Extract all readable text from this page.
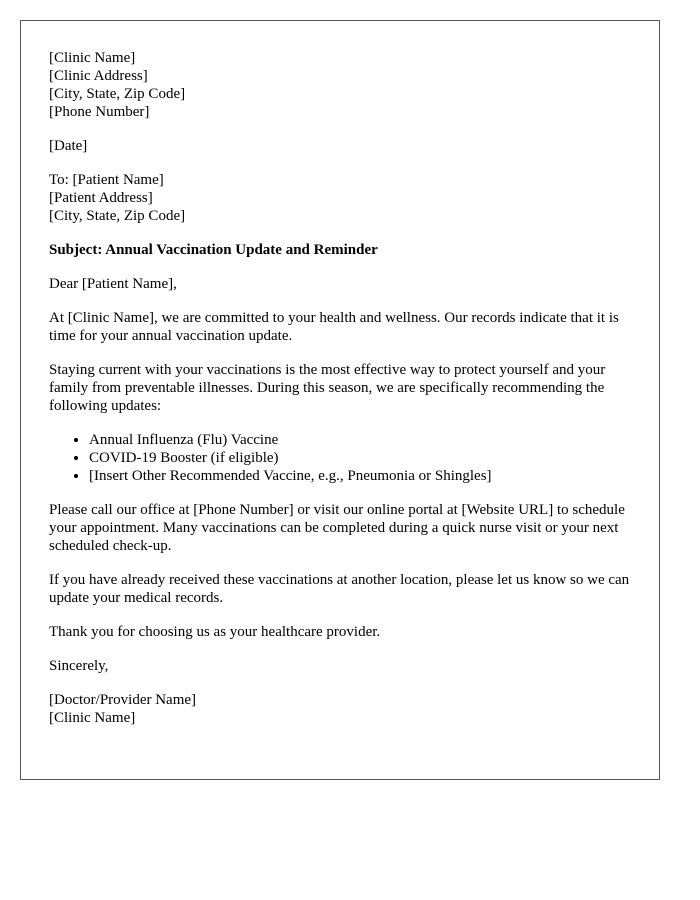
[Clinic Name]
[Clinic Address]
[City, State, Zip Code]
[Phone Number]

[Date]

To: [Patient Name]
[Patient Address]
[City, State, Zip Code]

Subject: Annual Vaccination Update and Reminder

Dear [Patient Name],

At [Clinic Name], we are committed to your health and wellness. Our records indicate that it is time for your annual vaccination update.

Staying current with your vaccinations is the most effective way to protect yourself and your family from preventable illnesses. During this season, we are specifically recommending the following updates:

• Annual Influenza (Flu) Vaccine
• COVID-19 Booster (if eligible)
• [Insert Other Recommended Vaccine, e.g., Pneumonia or Shingles]

Please call our office at [Phone Number] or visit our online portal at [Website URL] to schedule your appointment. Many vaccinations can be completed during a quick nurse visit or your next scheduled check-up.

If you have already received these vaccinations at another location, please let us know so we can update your medical records.

Thank you for choosing us as your healthcare provider.

Sincerely,

[Doctor/Provider Name]
[Clinic Name]
